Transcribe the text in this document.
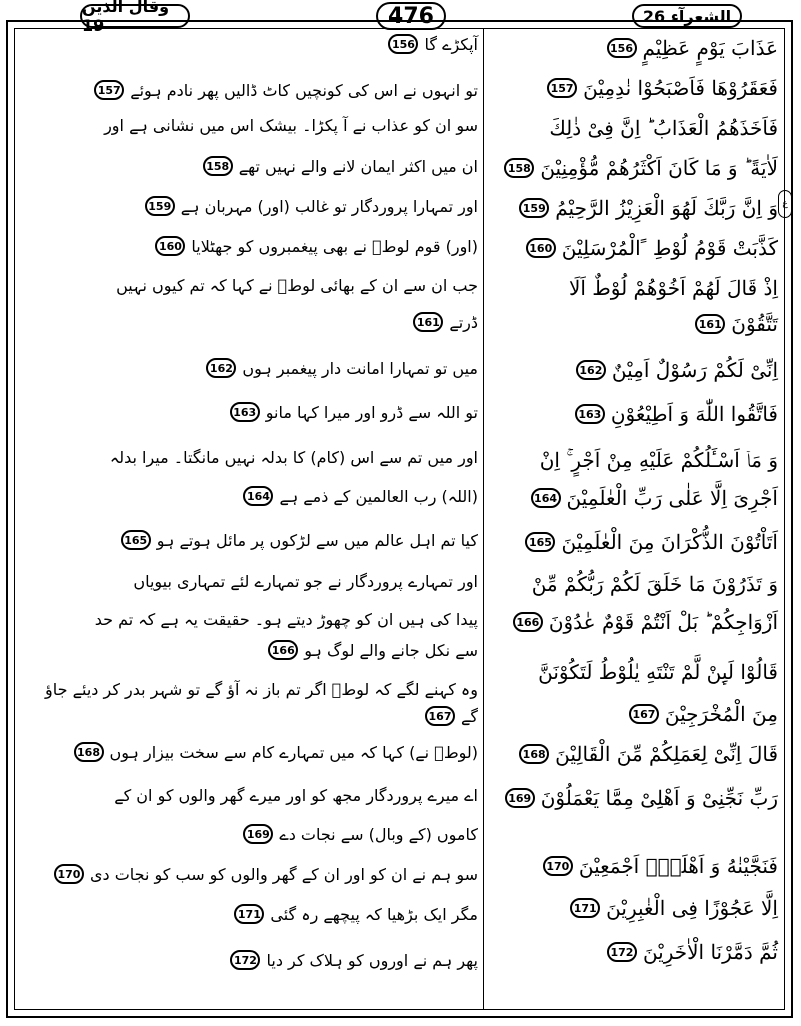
وقال الذین 19	476	الشعرآء 26
ع
عَذَابَ یَوْمٍ عَظِیْمٍ
156
فَعَقَرُوْهَا فَاَصْبَحُوْا نٰدِمِیْنَ
157
فَاَخَذَهُمُ الْعَذَابُ ؕ اِنَّ فِیْ ذٰلِكَ
لَاٰیَةً ؕ وَ مَا كَانَ اَكْثَرُهُمْ مُّؤْمِنِیْنَ
158
وَ اِنَّ رَبَّكَ لَهُوَ الْعَزِیْزُ الرَّحِیْمُ
159
كَذَّبَتْ قَوْمُ لُوْطِ ﹰالْمُرْسَلِیْنَ
160
اِذْ قَالَ لَهُمْ اَخُوْهُمْ لُوْطٌ اَلَا
تَتَّقُوْنَ
161
اِنِّیْ لَكُمْ رَسُوْلٌ اَمِیْنٌ
162
فَاتَّقُوا اللّٰهَ وَ اَطِیْعُوْنِ
163
وَ مَاۤ اَسْـَٔلُكُمْ عَلَیْهِ مِنْ اَجْرٍ ۚ اِنْ
اَجْرِیَ اِلَّا عَلٰی رَبِّ الْعٰلَمِیْنَ
164
اَتَاْتُوْنَ الذُّكْرَانَ مِنَ الْعٰلَمِیْنَ
165
وَ تَذَرُوْنَ مَا خَلَقَ لَكُمْ رَبُّكُمْ مِّنْ
اَزْوَاجِكُمْ ؕ بَلْ اَنْتُمْ قَوْمٌ عٰدُوْنَ
166
قَالُوْا لَىِٕنْ لَّمْ تَنْتَهِ یٰلُوْطُ لَتَكُوْنَنَّ
مِنَ الْمُخْرَجِیْنَ
167
قَالَ اِنِّیْ لِعَمَلِكُمْ مِّنَ الْقَالِیْنَ
168
رَبِّ نَجِّنِیْ وَ اَهْلِیْ مِمَّا یَعْمَلُوْنَ
169
فَنَجَّیْنٰهُ وَ اَهْلَهٗۤ اَجْمَعِیْنَ
170
اِلَّا عَجُوْزًا فِی الْغٰبِرِیْنَ
171
ثُمَّ دَمَّرْنَا الْاٰخَرِیْنَ
172
آپکڑے گا
156
تو انہوں نے اس کی کونچیں کاٹ ڈالیں پھر نادم ہوئے
157
سو ان کو عذاب نے آ پکڑا۔ بیشک اس میں نشانی ہے اور
ان میں اکثر ایمان لانے والے نہیں تھے
158
اور تمہارا پروردگار تو غالب (اور) مہربان ہے
159
(اور) قوم لوطؑ نے بھی پیغمبروں کو جھٹلایا
160
جب ان سے ان کے بھائی لوطؑ نے کہا کہ تم کیوں نہیں
ڈرتے
161
میں تو تمہارا امانت دار پیغمبر ہوں
162
تو اللہ سے ڈرو اور میرا کہا مانو
163
اور میں تم سے اس (کام) کا بدلہ نہیں مانگتا۔ میرا بدلہ
(اللہ) رب العالمین کے ذمے ہے
164
کیا تم اہل عالم میں سے لڑکوں پر مائل ہوتے ہو
165
اور تمہارے پروردگار نے جو تمہارے لئے تمہاری بیویاں
پیدا کی ہیں ان کو چھوڑ دیتے ہو۔ حقیقت یہ ہے کہ تم حد
سے نکل جانے والے لوگ ہو
166
وہ کہنے لگے کہ لوطؑ اگر تم باز نہ آؤ گے تو شہر بدر کر دیئے جاؤ
گے
167
(لوطؑ نے) کہا کہ میں تمہارے کام سے سخت بیزار ہوں
168
اے میرے پروردگار مجھ کو اور میرے گھر والوں کو ان کے
کاموں (کے وبال) سے نجات دے
169
سو ہم نے ان کو اور ان کے گھر والوں کو سب کو نجات دی
170
مگر ایک بڑھیا کہ پیچھے رہ گئی
171
پھر ہم نے اوروں کو ہلاک کر دیا
172
